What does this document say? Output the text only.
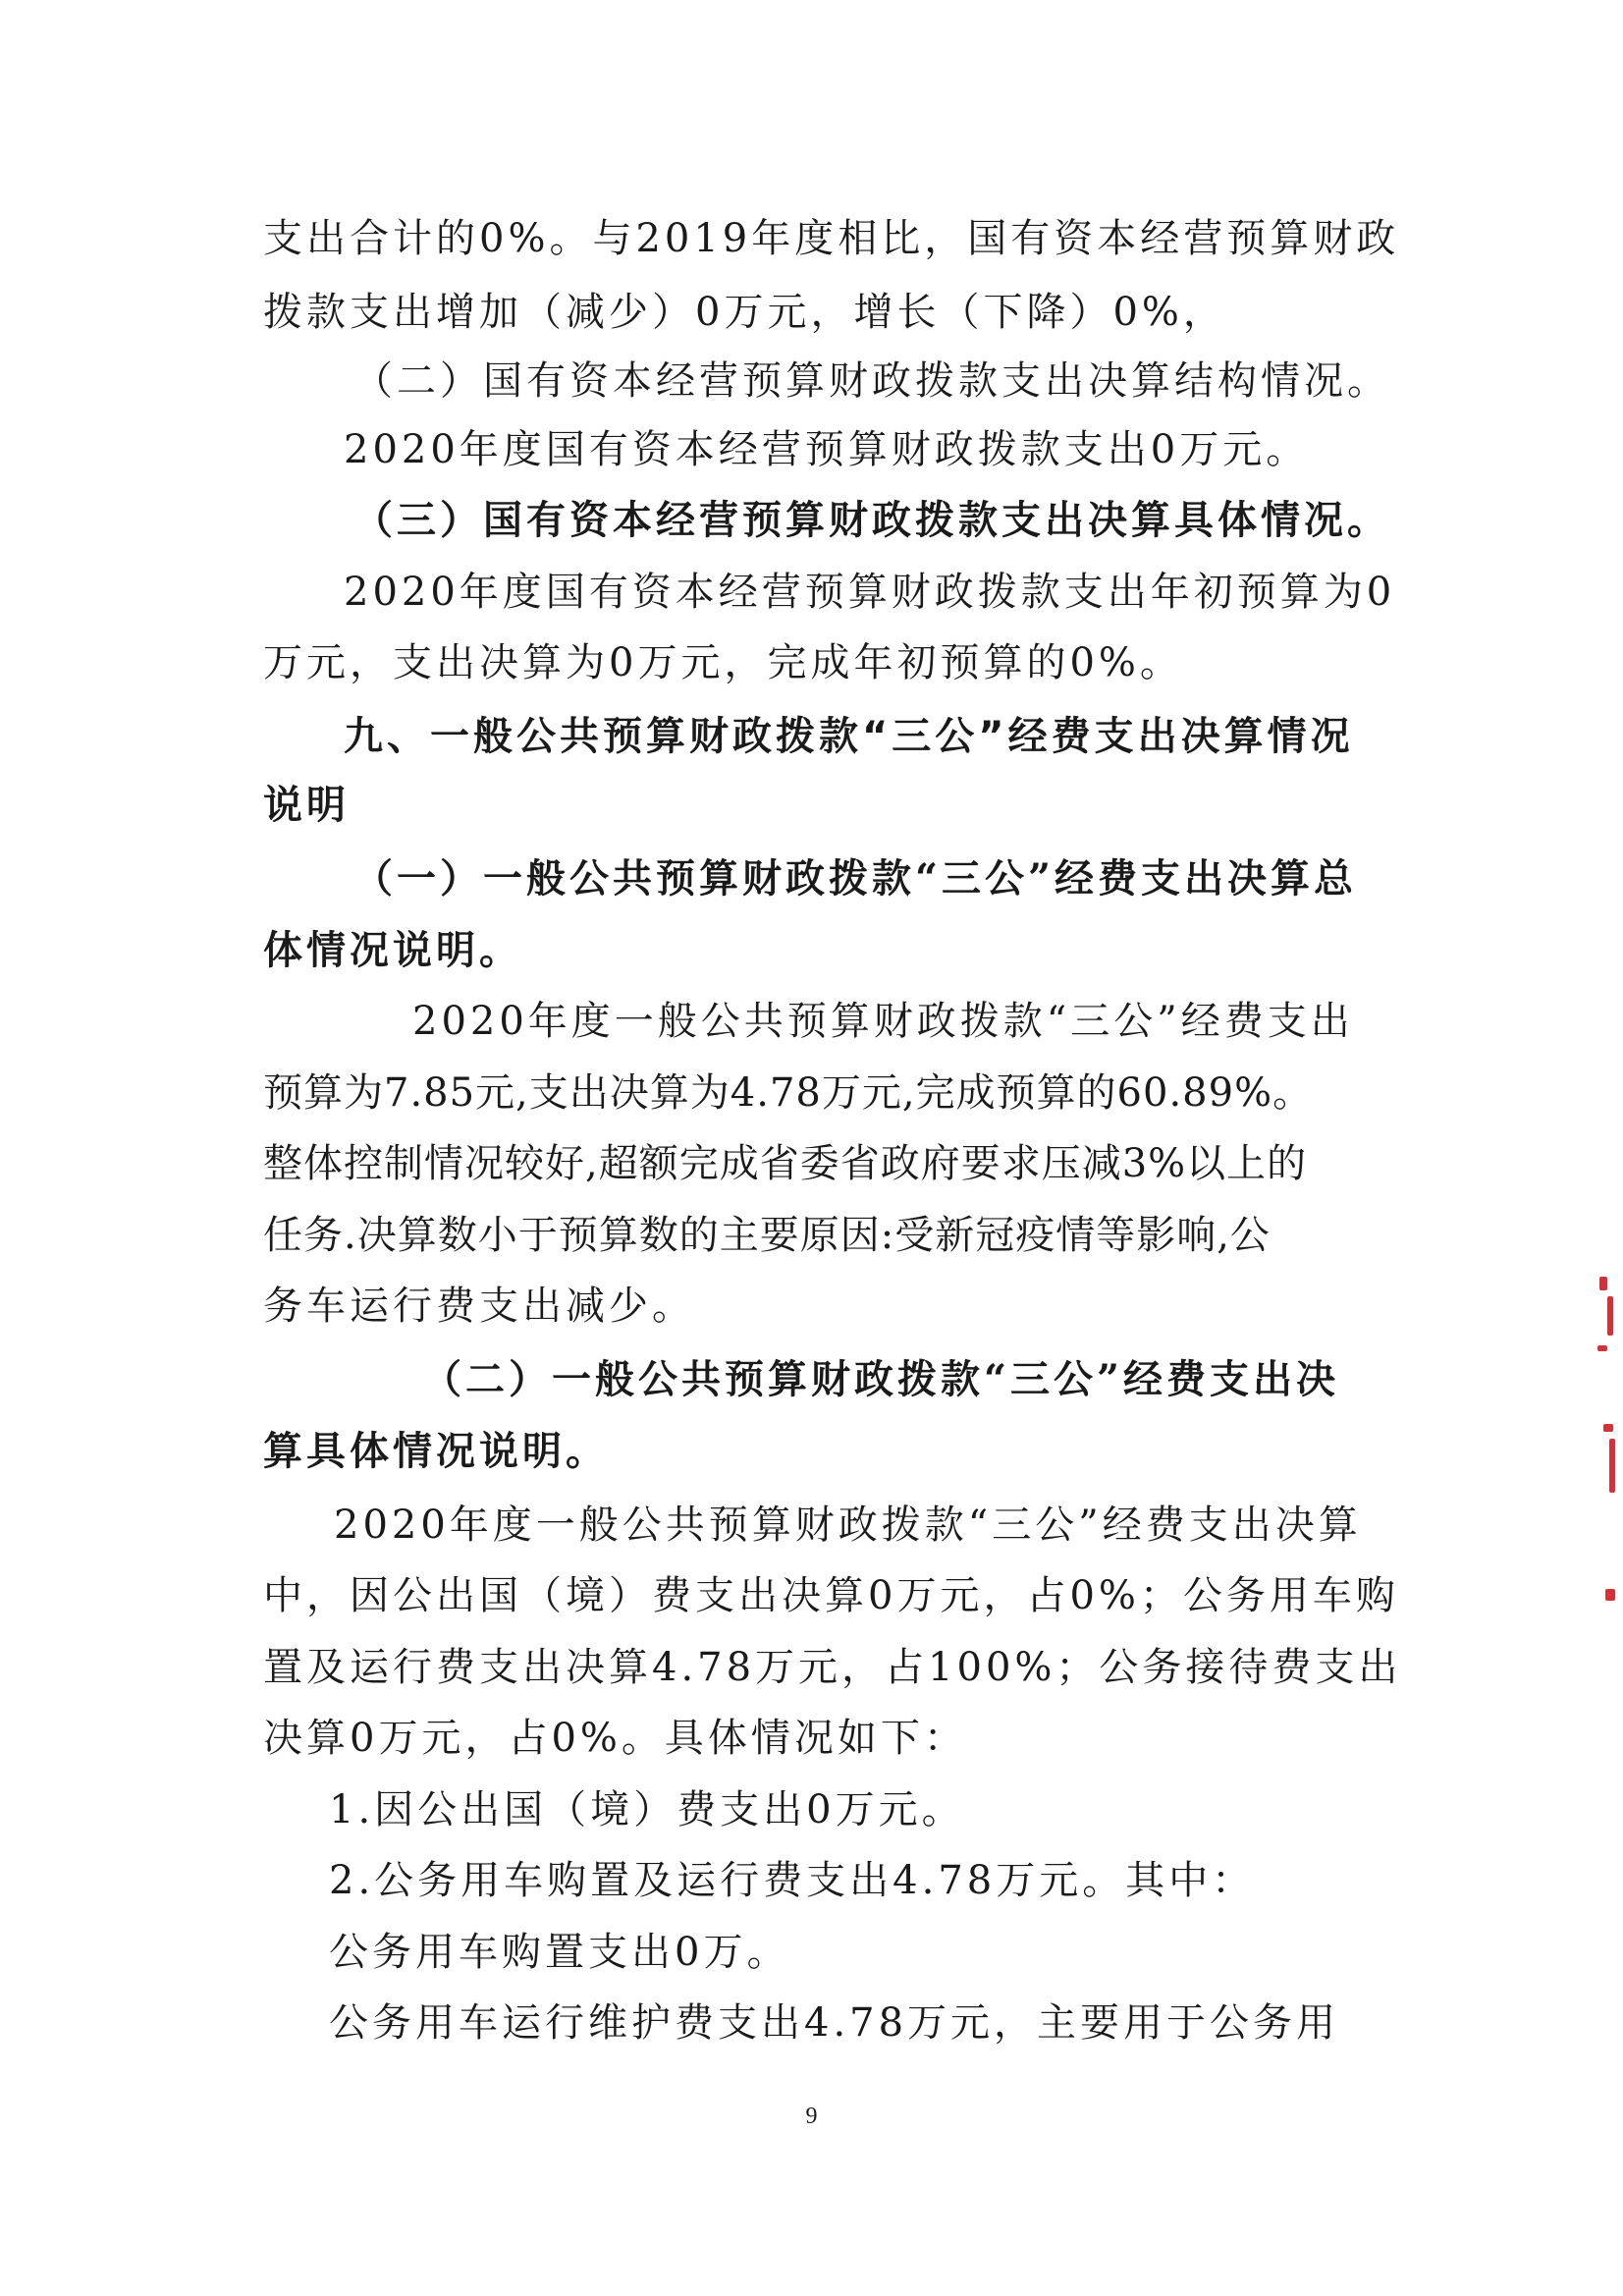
支出合计的0%。与2019年度相比，国有资本经营预算财政
拨款支出增加（减少）0万元，增长（下降）0%，
（二）国有资本经营预算财政拨款支出决算结构情况。
2020年度国有资本经营预算财政拨款支出0万元。
（三）国有资本经营预算财政拨款支出决算具体情况。
2020年度国有资本经营预算财政拨款支出年初预算为0
万元，支出决算为0万元，完成年初预算的0%。
九、一般公共预算财政拨款“三公”经费支出决算情况
说明
（一）一般公共预算财政拨款“三公”经费支出决算总
体情况说明。
2020年度一般公共预算财政拨款“三公”经费支出
预算为7.85元,支出决算为4.78万元,完成预算的60.89%。
整体控制情况较好,超额完成省委省政府要求压减3%以上的
任务.决算数小于预算数的主要原因:受新冠疫情等影响,公
务车运行费支出减少。
（二）一般公共预算财政拨款“三公”经费支出决
算具体情况说明。
2020年度一般公共预算财政拨款“三公”经费支出决算
中，因公出国（境）费支出决算0万元，占0%；公务用车购
置及运行费支出决算4.78万元，占100%；公务接待费支出
决算0万元，占0%。具体情况如下：
1.因公出国（境）费支出0万元。
2.公务用车购置及运行费支出4.78万元。其中：
公务用车购置支出0万。
公务用车运行维护费支出4.78万元，主要用于公务用
9
